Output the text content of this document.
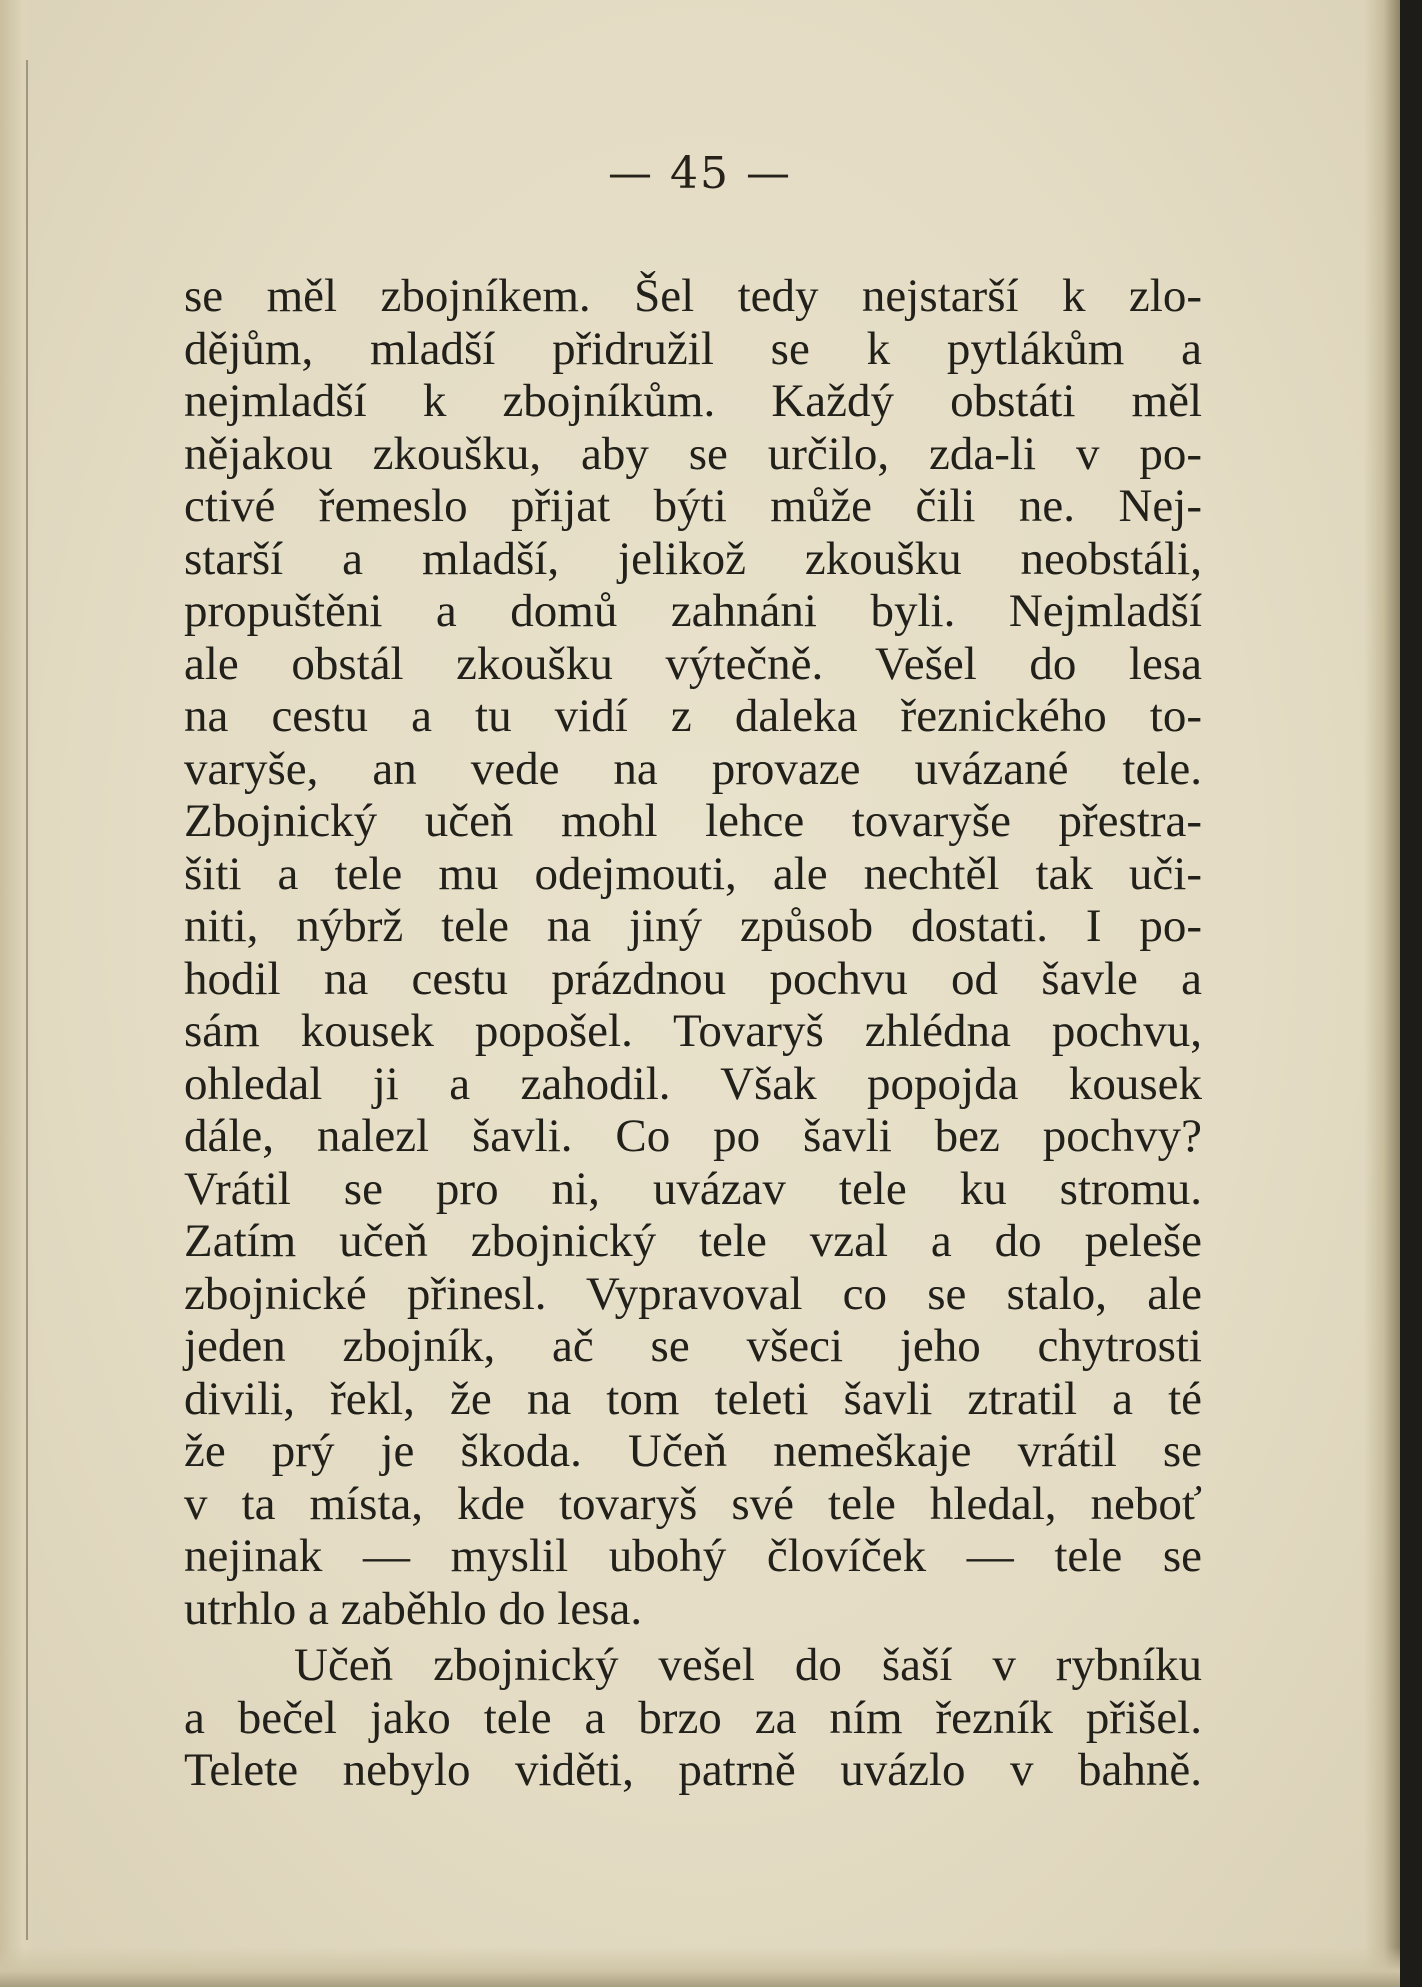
— 45 —
se měl zbojníkem. Šel tedy nejstarší k zlo-
dějům, mladší přidružil se k pytlákům a
nejmladší k zbojníkům. Každý obstáti měl
nějakou zkoušku, aby se určilo, zda-li v po-
ctivé řemeslo přijat býti může čili ne. Nej-
starší a mladší, jelikož zkoušku neobstáli,
propuštěni a domů zahnáni byli. Nejmladší
ale obstál zkoušku výtečně. Vešel do lesa
na cestu a tu vidí z daleka řeznického to-
varyše, an vede na provaze uvázané tele.
Zbojnický učeň mohl lehce tovaryše přestra-
šiti a tele mu odejmouti, ale nechtěl tak uči-
niti, nýbrž tele na jiný způsob dostati. I po-
hodil na cestu prázdnou pochvu od šavle a
sám kousek popošel. Tovaryš zhlédna pochvu,
ohledal ji a zahodil. Však popojda kousek
dále, nalezl šavli. Co po šavli bez pochvy?
Vrátil se pro ni, uvázav tele ku stromu.
Zatím učeň zbojnický tele vzal a do peleše
zbojnické přinesl. Vypravoval co se stalo, ale
jeden zbojník, ač se všeci jeho chytrosti
divili, řekl, že na tom teleti šavli ztratil a té
že prý je škoda. Učeň nemeškaje vrátil se
v ta místa, kde tovaryš své tele hledal, neboť
nejinak — myslil ubohý človíček — tele se
utrhlo a zaběhlo do lesa.
Učeň zbojnický vešel do šaší v rybníku
a bečel jako tele a brzo za ním řezník přišel.
Telete nebylo viděti, patrně uvázlo v bahně.
